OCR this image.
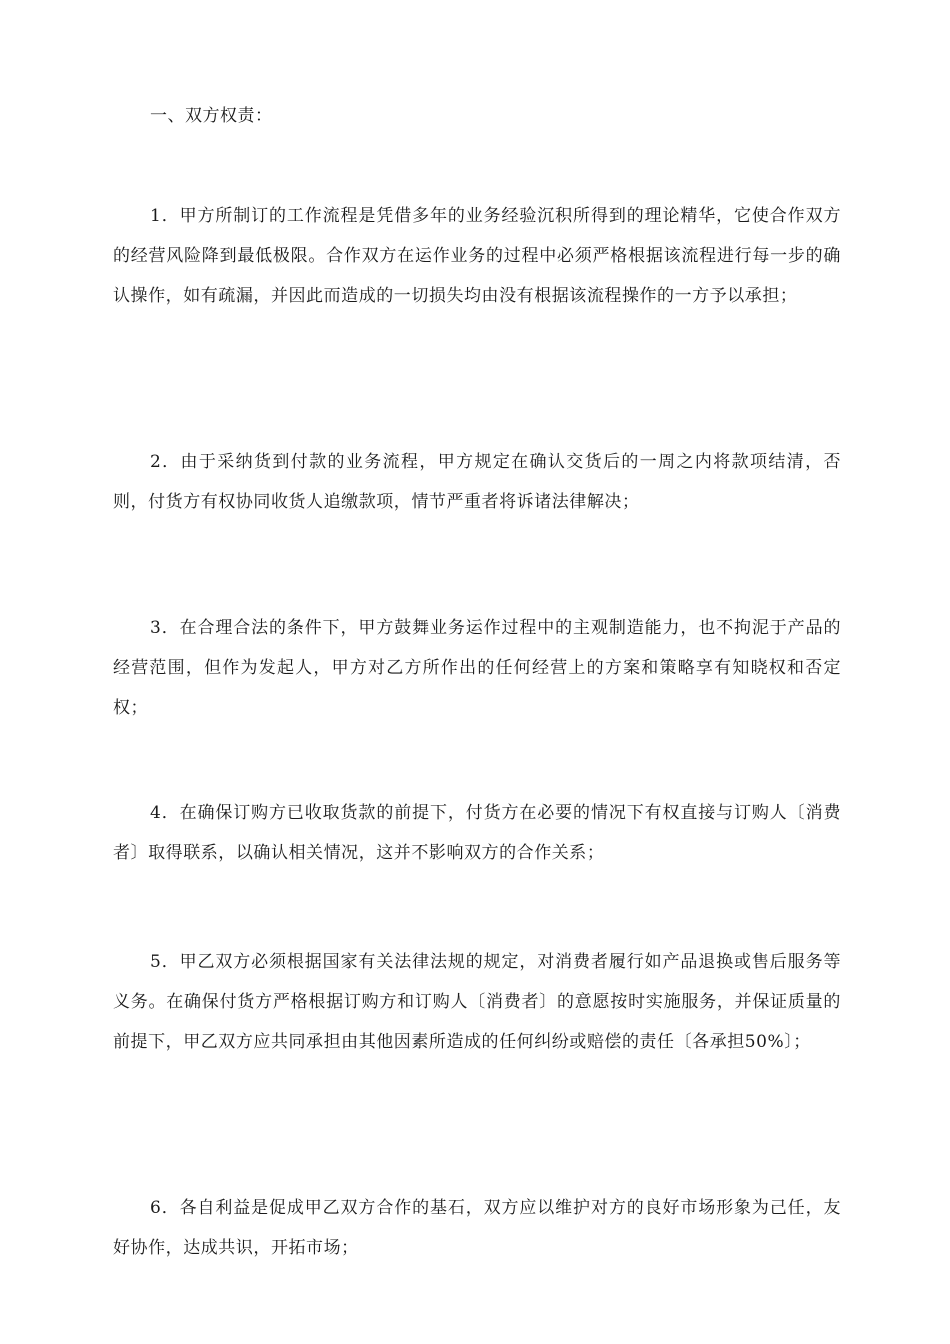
一、双方权责：

1．甲方所制订的工作流程是凭借多年的业务经验沉积所得到的理论精华，它使合作双方的经营风险降到最低极限。合作双方在运作业务的过程中必须严格根据该流程进行每一步的确认操作，如有疏漏，并因此而造成的一切损失均由没有根据该流程操作的一方予以承担；

2．由于采纳货到付款的业务流程，甲方规定在确认交货后的一周之内将款项结清，否则，付货方有权协同收货人追缴款项，情节严重者将诉诸法律解决；

3．在合理合法的条件下，甲方鼓舞业务运作过程中的主观制造能力，也不拘泥于产品的经营范围，但作为发起人，甲方对乙方所作出的任何经营上的方案和策略享有知晓权和否定权；

4．在确保订购方已收取货款的前提下，付货方在必要的情况下有权直接与订购人〔消费者〕取得联系，以确认相关情况，这并不影响双方的合作关系；

5．甲乙双方必须根据国家有关法律法规的规定，对消费者履行如产品退换或售后服务等义务。在确保付货方严格根据订购方和订购人〔消费者〕的意愿按时实施服务，并保证质量的前提下，甲乙双方应共同承担由其他因素所造成的任何纠纷或赔偿的责任〔各承担50%〕；

6．各自利益是促成甲乙双方合作的基石，双方应以维护对方的良好市场形象为己任，友好协作，达成共识，开拓市场；
